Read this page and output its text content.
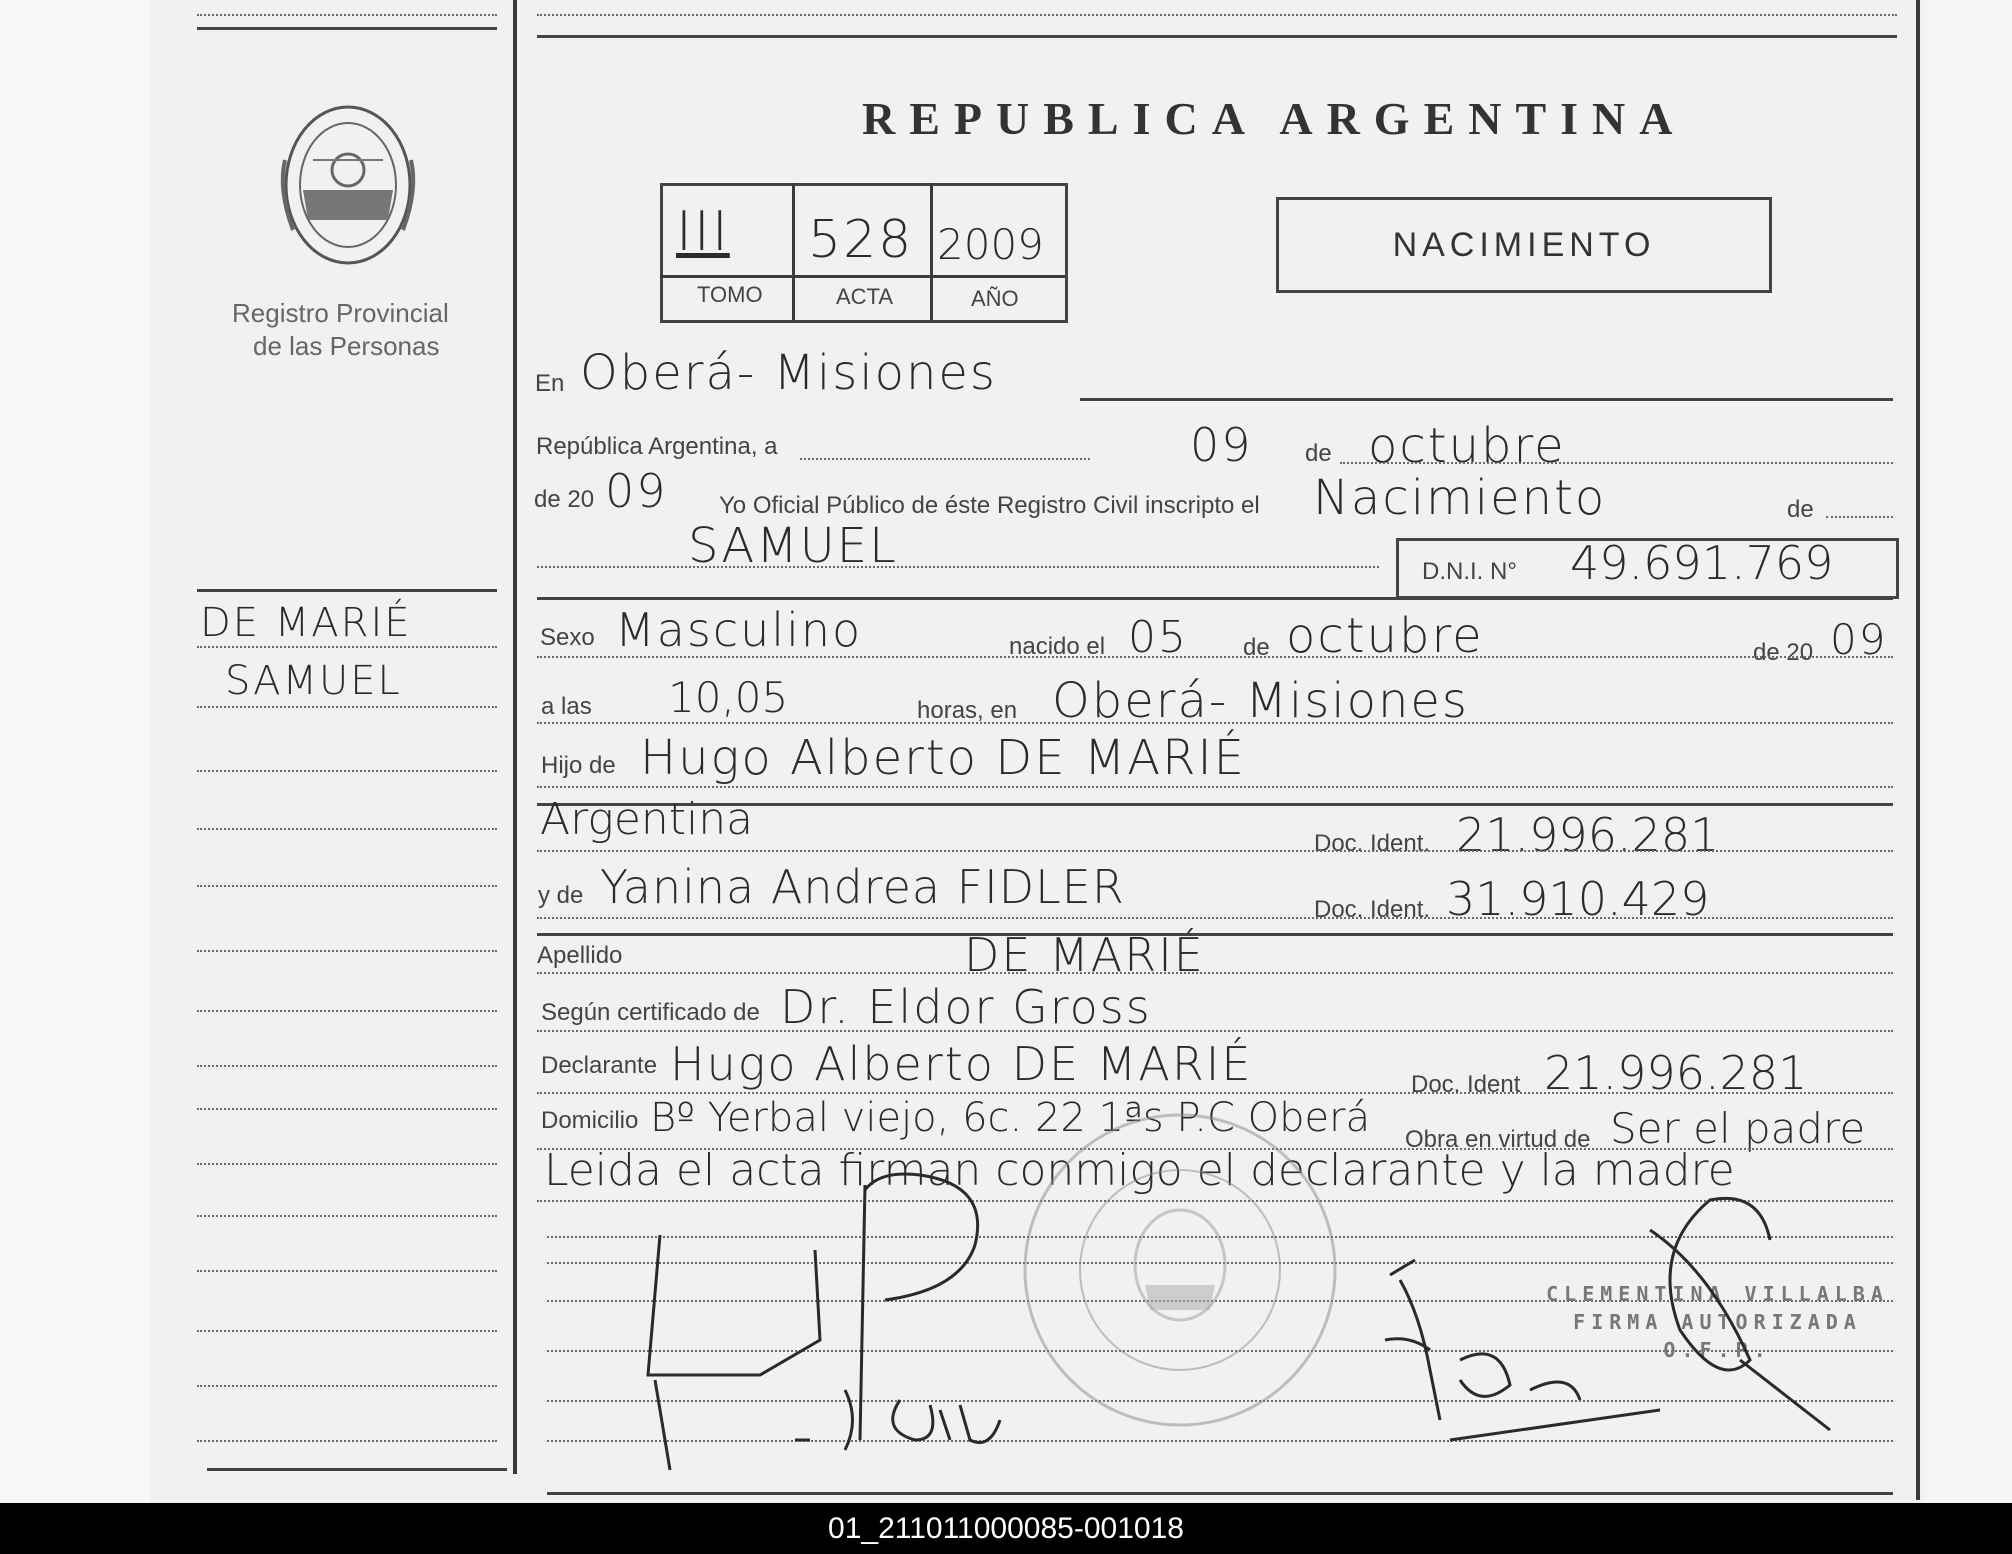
Registro Provincial
de las Personas
DE MARIÉ
SAMUEL
REPUBLICA ARGENTINA
III 528 2009
TOMO	ACTA	AÑO
NACIMIENTO
En Oberá- Misiones
República Argentina, a	09 de octubre
de 20 09 Yo Oficial Público de éste Registro Civil inscripto el Nacimiento	de
SAMUEL	D.N.I. N° 49.691.769
Sexo Masculino	nacido el 05 de octubre	de 20 09
a las 10,05	horas, en Oberá- Misiones
Hijo de Hugo Alberto DE MARIÉ
Argentina	Doc. Ident. 21.996.281
y de Yanina Andrea FIDLER	Doc. Ident. 31.910.429
Apellido	DE MARIÉ
Según certificado de Dr. Eldor Gross
Declarante Hugo Alberto DE MARIÉ	Doc. Ident 21.996.281
Domicilio Bº Yerbal viejo, 6c. 22 1ªs P.C Oberá Obra en virtud de Ser el padre
Leida el acta firman conmigo el declarante y la madre
CLEMENTINA VILLALBA
FIRMA AUTORIZADA
O.F.P.
01_211011000085-001018
